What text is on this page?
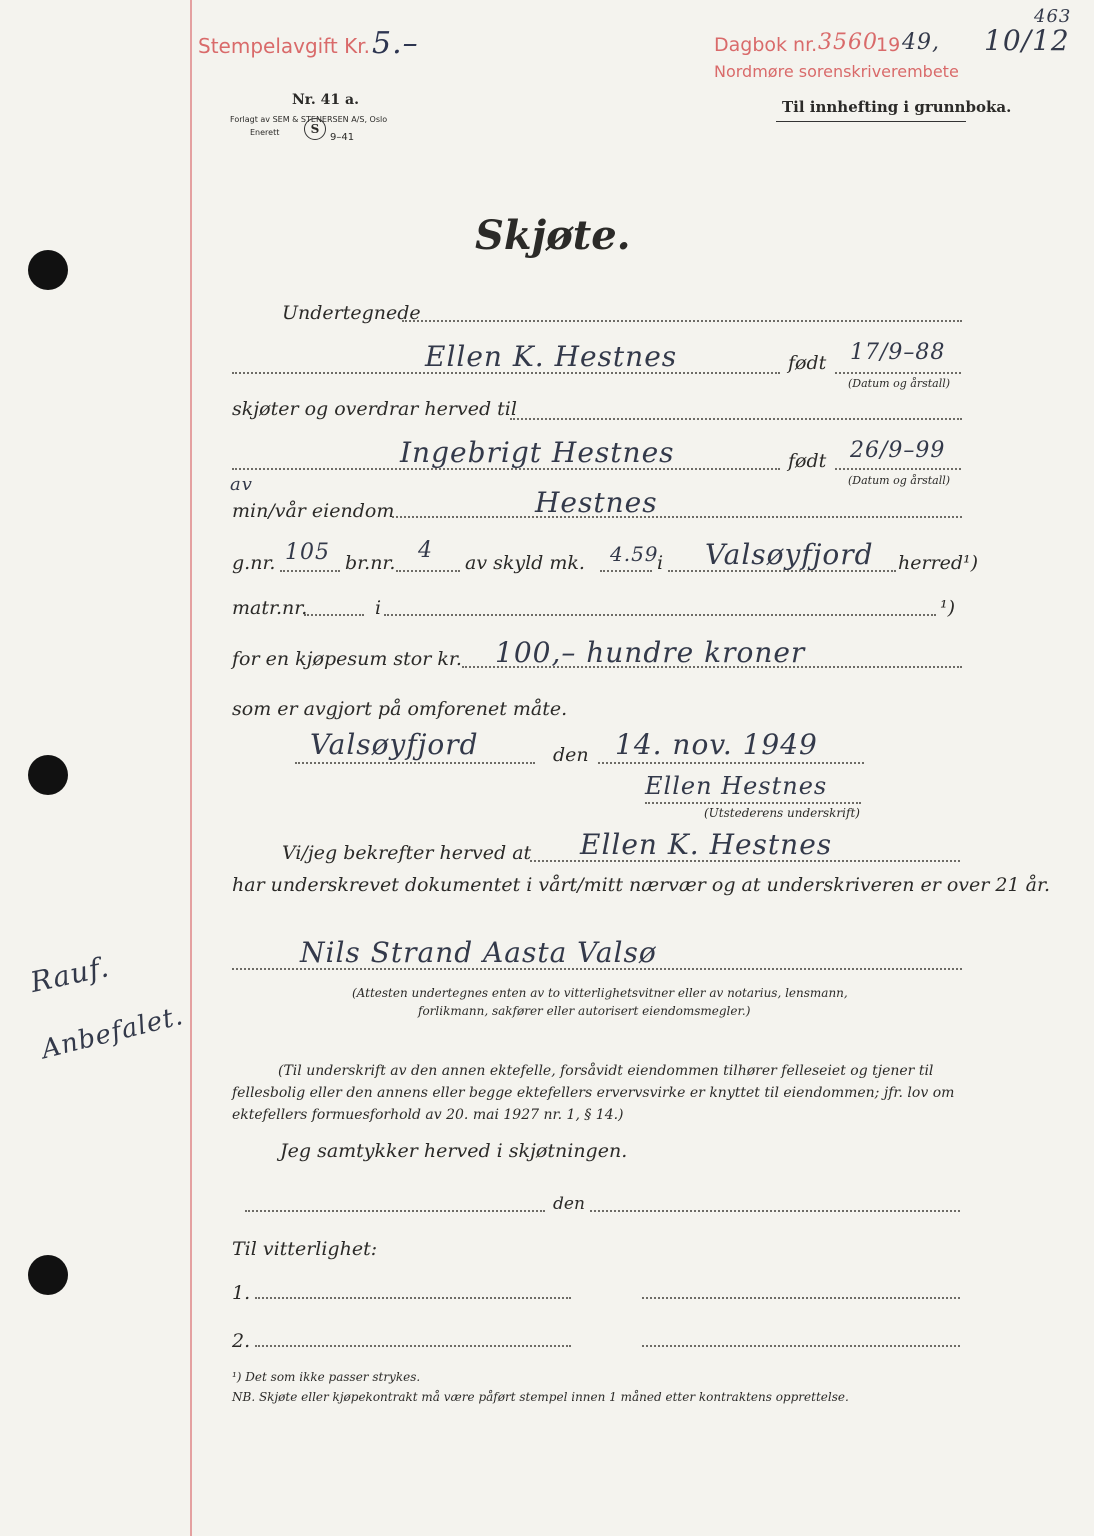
Stempelavgift Kr. 5.–	Dagbok nr. 3560
19 49, 10/12
463
Nordmøre sorenskriverembete
Nr. 41 a.
Forlagt av SEM & STENERSEN A/S, Oslo
Enerett	S
9–41
Til innhefting i grunnboka.
Skjøte.
Undertegnede
Ellen K. Hestnes	født 17/9–88
(Datum og årstall)
skjøter og overdrar herved til
Ingebrigt Hestnes	født 26/9–99
(Datum og årstall)
av
min/vår eiendom	Hestnes
g.nr. 105 br.nr. 4 av skyld mk. 4.59
i Valsøyfjord herred¹)
matr.nr.	i	¹)
for en kjøpesum stor kr. 100,– hundre kroner
som er avgjort på omforenet måte.
Valsøyfjord	den 14. nov. 1949
Ellen Hestnes
(Utstederens underskrift)
Vi/jeg bekrefter herved at Ellen K. Hestnes
har underskrevet dokumentet i vårt/mitt nærvær og at underskriveren er over 21 år.
Nils Strand Aasta Valsø
(Attesten undertegnes enten av to vitterlighetsvitner eller av notarius, lensmann,
forlikmann, sakfører eller autorisert eiendomsmegler.)
(Til underskrift av den annen ektefelle, forsåvidt eiendommen tilhører felleseiet og tjener til fellesbolig eller den annens eller begge ektefellers ervervsvirke er knyttet til eiendommen; jfr. lov om ektefellers formuesforhold av 20. mai 1927 nr. 1, § 14.)
Jeg samtykker herved i skjøtningen.
den
Til vitterlighet:
1.
2.
¹) Det som ikke passer strykes.
NB. Skjøte eller kjøpekontrakt må være påført stempel innen 1 måned etter kontraktens opprettelse.
Rauf.
Anbefalet.
